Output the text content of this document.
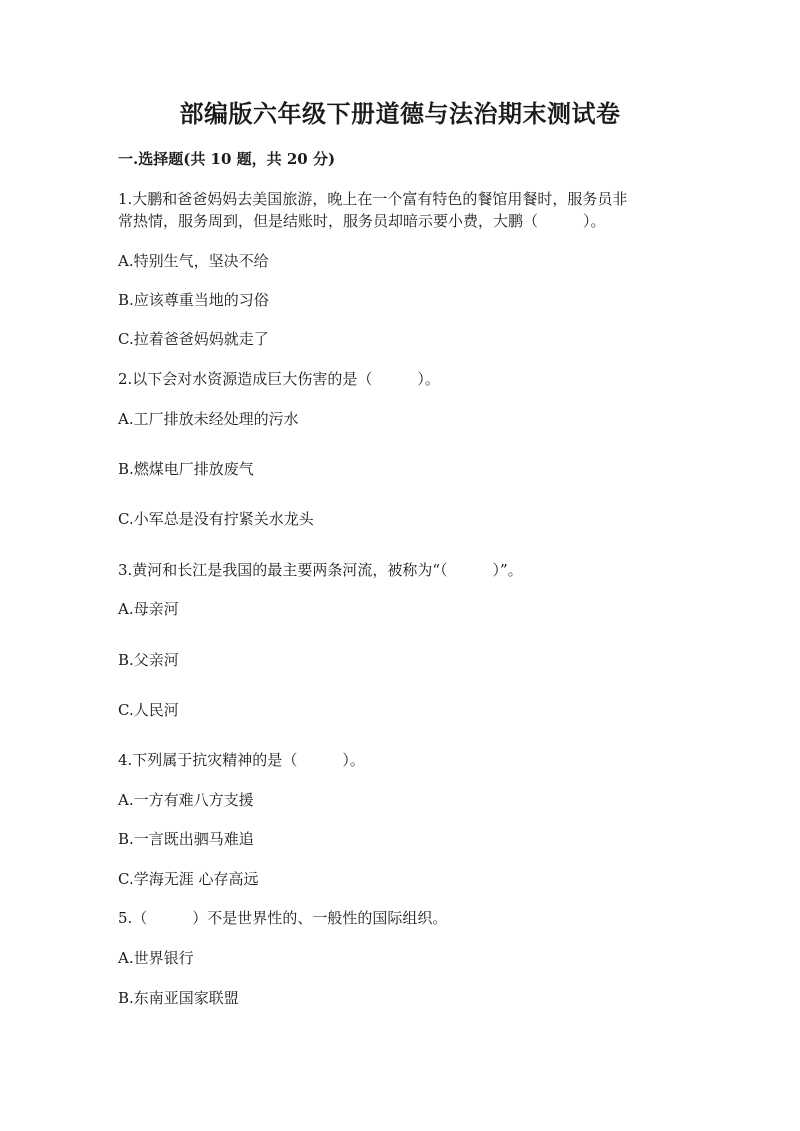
部编版六年级下册道德与法治期末测试卷
一.选择题(共 10 题，共 20 分)
1.大鹏和爸爸妈妈去美国旅游，晚上在一个富有特色的餐馆用餐时，服务员非
常热情，服务周到，但是结账时，服务员却暗示要小费，大鹏（　　　）。
A.特别生气，坚决不给
B.应该尊重当地的习俗
C.拉着爸爸妈妈就走了
2.以下会对水资源造成巨大伤害的是（　　　）。
A.工厂排放未经处理的污水
B.燃煤电厂排放废气
C.小军总是没有拧紧关水龙头
3.黄河和长江是我国的最主要两条河流，被称为“（　　　）”。
A.母亲河
B.父亲河
C.人民河
4.下列属于抗灾精神的是（　　　）。
A.一方有难八方支援
B.一言既出驷马难追
C.学海无涯 心存高远
5.（　　　）不是世界性的、一般性的国际组织。
A.世界银行
B.东南亚国家联盟
